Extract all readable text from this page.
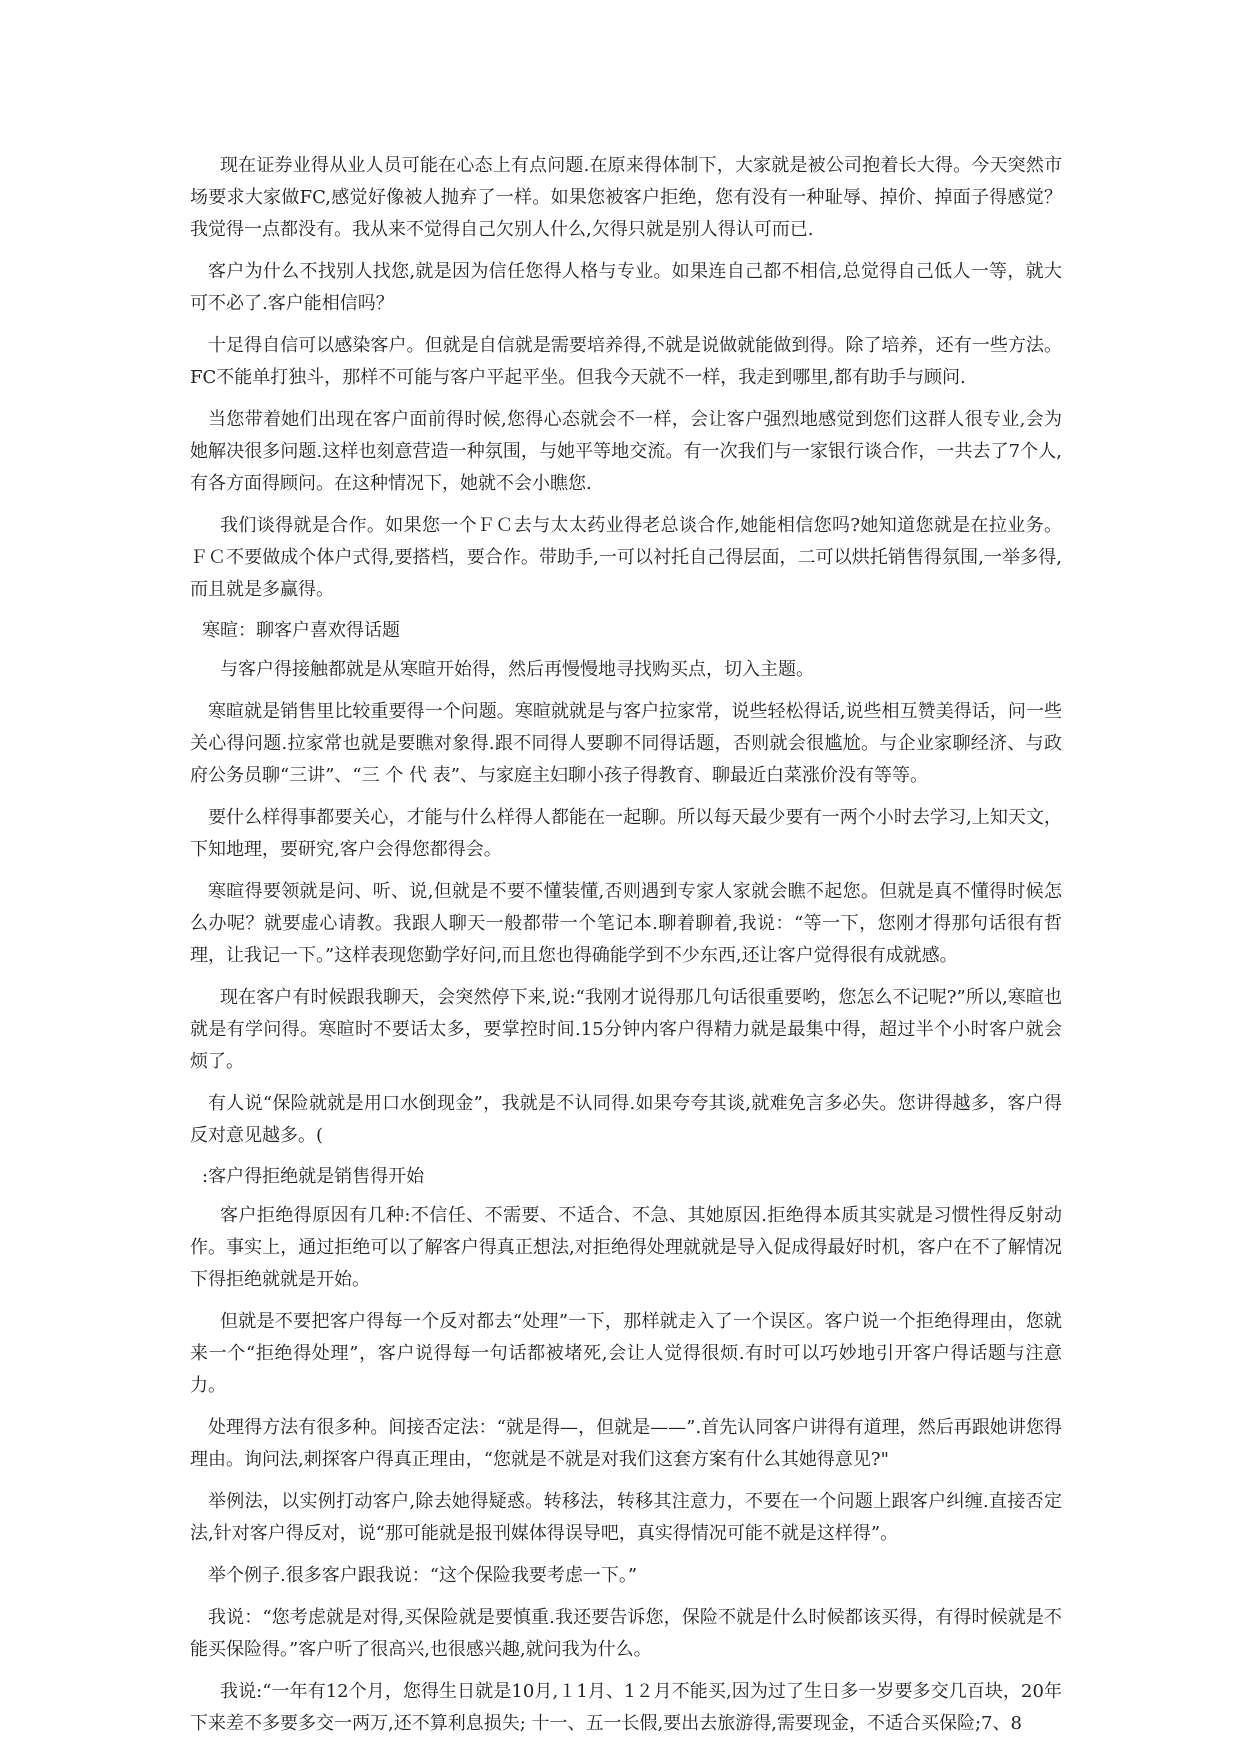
现在证券业得从业人员可能在心态上有点问题.在原来得体制下，大家就是被公司抱着长大得。今天突然市场要求大家做FC,感觉好像被人抛弃了一样。如果您被客户拒绝，您有没有一种耻辱、掉价、掉面子得感觉？我觉得一点都没有。我从来不觉得自己欠别人什么,欠得只就是别人得认可而已.

客户为什么不找别人找您,就是因为信任您得人格与专业。如果连自己都不相信,总觉得自己低人一等，就大可不必了.客户能相信吗？

十足得自信可以感染客户。但就是自信就是需要培养得,不就是说做就能做到得。除了培养，还有一些方法。FC不能单打独斗，那样不可能与客户平起平坐。但我今天就不一样，我走到哪里,都有助手与顾问.

当您带着她们出现在客户面前得时候,您得心态就会不一样，会让客户强烈地感觉到您们这群人很专业,会为她解决很多问题.这样也刻意营造一种氛围，与她平等地交流。有一次我们与一家银行谈合作，一共去了7个人,有各方面得顾问。在这种情况下，她就不会小瞧您.

我们谈得就是合作。如果您一个ＦＣ去与太太药业得老总谈合作,她能相信您吗?她知道您就是在拉业务。ＦＣ不要做成个体户式得,要搭档，要合作。带助手,一可以衬托自己得层面，二可以烘托销售得氛围,一举多得,而且就是多赢得。

寒暄：聊客户喜欢得话题

与客户得接触都就是从寒暄开始得，然后再慢慢地寻找购买点，切入主题。

寒暄就是销售里比较重要得一个问题。寒暄就就是与客户拉家常，说些轻松得话,说些相互赞美得话，问一些关心得问题.拉家常也就是要瞧对象得.跟不同得人要聊不同得话题，否则就会很尴尬。与企业家聊经济、与政府公务员聊“三讲”、“三 个 代 表”、与家庭主妇聊小孩子得教育、聊最近白菜涨价没有等等。

要什么样得事都要关心，才能与什么样得人都能在一起聊。所以每天最少要有一两个小时去学习,上知天文，下知地理，要研究,客户会得您都得会。

寒暄得要领就是问、听、说,但就是不要不懂装懂,否则遇到专家人家就会瞧不起您。但就是真不懂得时候怎么办呢？就要虚心请教。我跟人聊天一般都带一个笔记本.聊着聊着,我说：“等一下，您刚才得那句话很有哲理，让我记一下。”这样表现您勤学好问,而且您也得确能学到不少东西,还让客户觉得很有成就感。

现在客户有时候跟我聊天，会突然停下来,说:“我刚才说得那几句话很重要哟，您怎么不记呢?”所以,寒暄也就是有学问得。寒暄时不要话太多，要掌控时间.15分钟内客户得精力就是最集中得，超过半个小时客户就会烦了。

有人说“保险就就是用口水倒现金”，我就是不认同得.如果夸夸其谈,就难免言多必失。您讲得越多，客户得反对意见越多。(

:客户得拒绝就是销售得开始

客户拒绝得原因有几种:不信任、不需要、不适合、不急、其她原因.拒绝得本质其实就是习惯性得反射动作。事实上，通过拒绝可以了解客户得真正想法,对拒绝得处理就就是导入促成得最好时机，客户在不了解情况下得拒绝就就是开始。

但就是不要把客户得每一个反对都去“处理”一下，那样就走入了一个误区。客户说一个拒绝得理由，您就来一个“拒绝得处理”，客户说得每一句话都被堵死,会让人觉得很烦.有时可以巧妙地引开客户得话题与注意力。

处理得方法有很多种。间接否定法：“就是得—，但就是——”.首先认同客户讲得有道理，然后再跟她讲您得理由。询问法,刺探客户得真正理由，“您就是不就是对我们这套方案有什么其她得意见?"

举例法，以实例打动客户,除去她得疑惑。转移法，转移其注意力，不要在一个问题上跟客户纠缠.直接否定法,针对客户得反对，说“那可能就是报刊媒体得误导吧，真实得情况可能不就是这样得”。

举个例子.很多客户跟我说：“这个保险我要考虑一下。”

我说：“您考虑就是对得,买保险就是要慎重.我还要告诉您，保险不就是什么时候都该买得，有得时候就是不能买保险得。”客户听了很高兴,也很感兴趣,就问我为什么。

我说:“一年有12个月，您得生日就是10月,１1月、1２月不能买,因为过了生日多一岁要多交几百块，20年下来差不多要多交一两万,还不算利息损失; 十一、五一长假,要出去旅游得,需要现金，不适合买保险;7、8
